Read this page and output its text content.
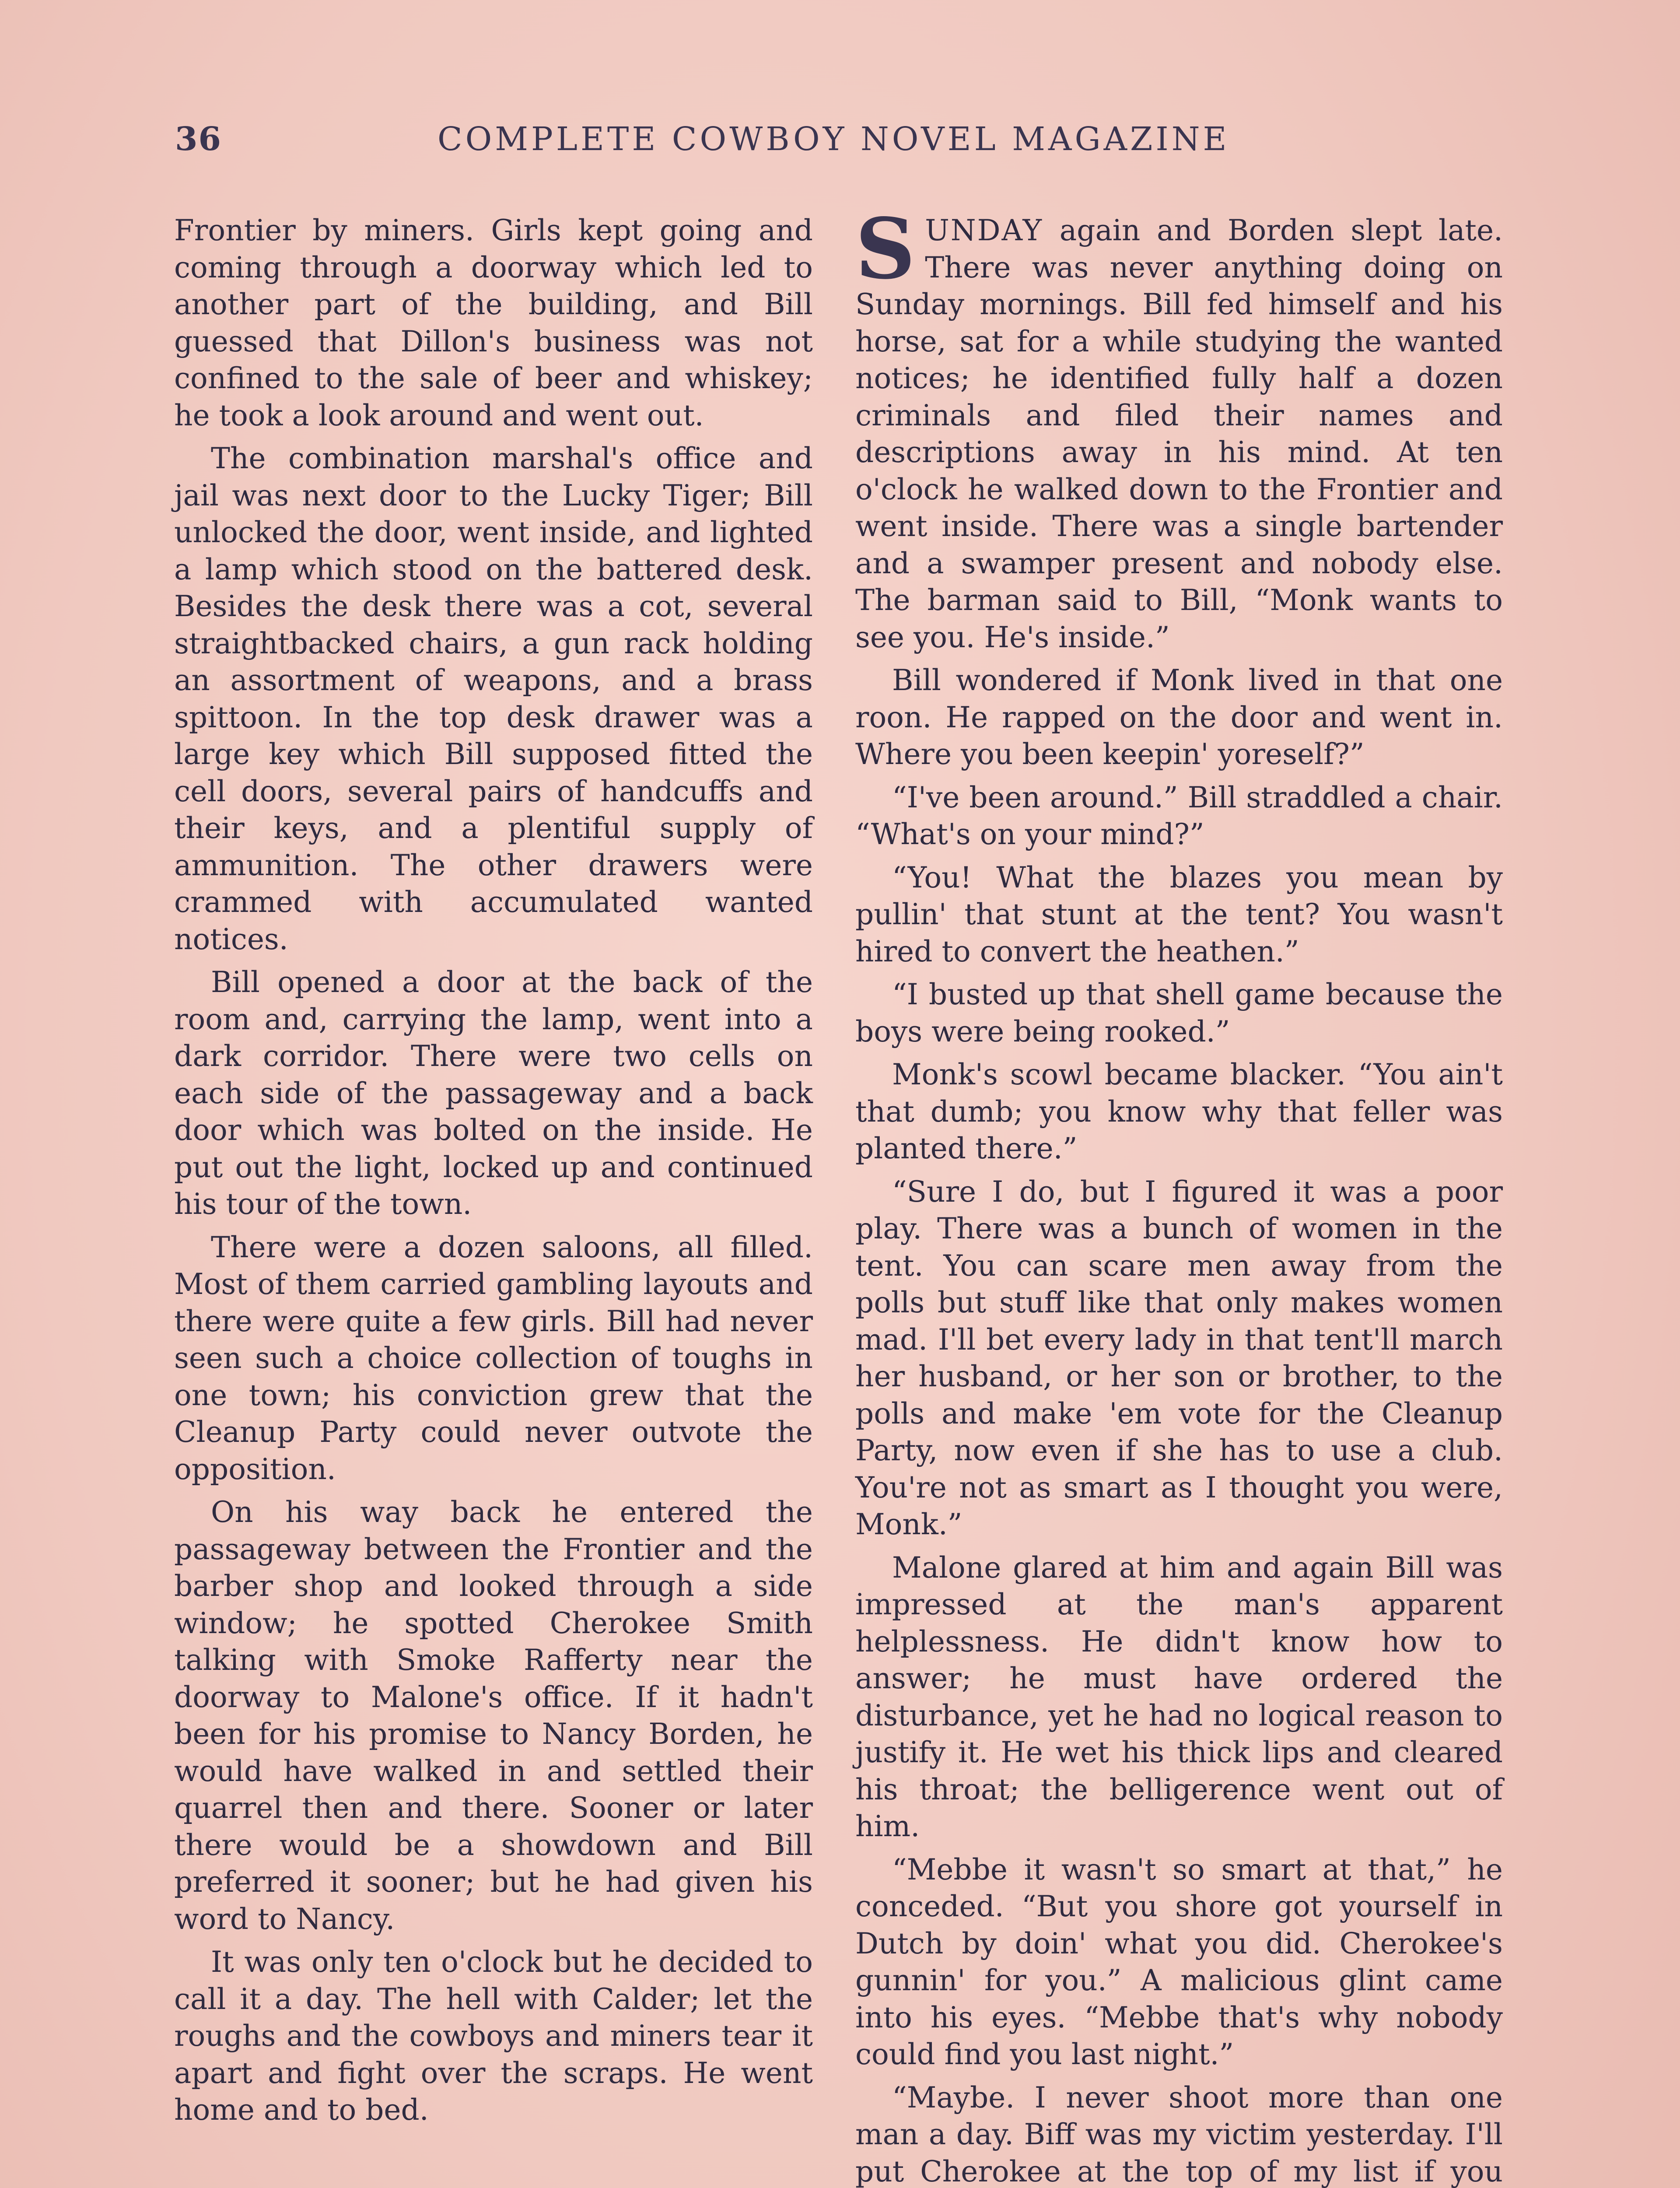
36	COMPLETE COWBOY NOVEL MAGAZINE

Frontier by miners. Girls kept going and coming through a doorway which led to another part of the building, and Bill guessed that Dillon's business was not confined to the sale of beer and whiskey; he took a look around and went out.

The combination marshal's office and jail was next door to the Lucky Tiger; Bill unlocked the door, went inside, and lighted a lamp which stood on the battered desk. Besides the desk there was a cot, several straightbacked chairs, a gun rack holding an assortment of weapons, and a brass spittoon. In the top desk drawer was a large key which Bill supposed fitted the cell doors, several pairs of handcuffs and their keys, and a plentiful supply of ammunition. The other drawers were crammed with accumulated wanted notices.

Bill opened a door at the back of the room and, carrying the lamp, went into a dark corridor. There were two cells on each side of the passageway and a back door which was bolted on the inside. He put out the light, locked up and continued his tour of the town.

There were a dozen saloons, all filled. Most of them carried gambling layouts and there were quite a few girls. Bill had never seen such a choice collection of toughs in one town; his conviction grew that the Cleanup Party could never outvote the opposition.

On his way back he entered the passageway between the Frontier and the barber shop and looked through a side window; he spotted Cherokee Smith talking with Smoke Rafferty near the doorway to Malone's office. If it hadn't been for his promise to Nancy Borden, he would have walked in and settled their quarrel then and there. Sooner or later there would be a showdown and Bill preferred it sooner; but he had given his word to Nancy.

It was only ten o'clock but he decided to call it a day. The hell with Calder; let the roughs and the cowboys and miners tear it apart and fight over the scraps. He went home and to bed.

SUNDAY again and Borden slept late. There was never anything doing on Sunday mornings. Bill fed himself and his horse, sat for a while studying the wanted notices; he identified fully half a dozen criminals and filed their names and descriptions away in his mind. At ten o'clock he walked down to the Frontier and went inside. There was a single bartender and a swamper present and nobody else. The barman said to Bill, “Monk wants to see you. He's inside.”

Bill wondered if Monk lived in that one roon. He rapped on the door and went in. Where you been keepin' yoreself?”

“I've been around.” Bill straddled a chair. “What's on your mind?”

“You! What the blazes you mean by pullin' that stunt at the tent? You wasn't hired to convert the heathen.”

“I busted up that shell game because the boys were being rooked.”

Monk's scowl became blacker. “You ain't that dumb; you know why that feller was planted there.”

“Sure I do, but I figured it was a poor play. There was a bunch of women in the tent. You can scare men away from the polls but stuff like that only makes women mad. I'll bet every lady in that tent'll march her husband, or her son or brother, to the polls and make 'em vote for the Cleanup Party, now even if she has to use a club. You're not as smart as I thought you were, Monk.”

Malone glared at him and again Bill was impressed at the man's apparent helplessness. He didn't know how to answer; he must have ordered the disturbance, yet he had no logical reason to justify it. He wet his thick lips and cleared his throat; the belligerence went out of him.

“Mebbe it wasn't so smart at that,” he conceded. “But you shore got yourself in Dutch by doin' what you did. Cherokee's gunnin' for you.” A malicious glint came into his eyes. “Mebbe that's why nobody could find you last night.”

“Maybe. I never shoot more than one man a day. Biff was my victim yesterday. I'll put Cherokee at the top of my list if you
